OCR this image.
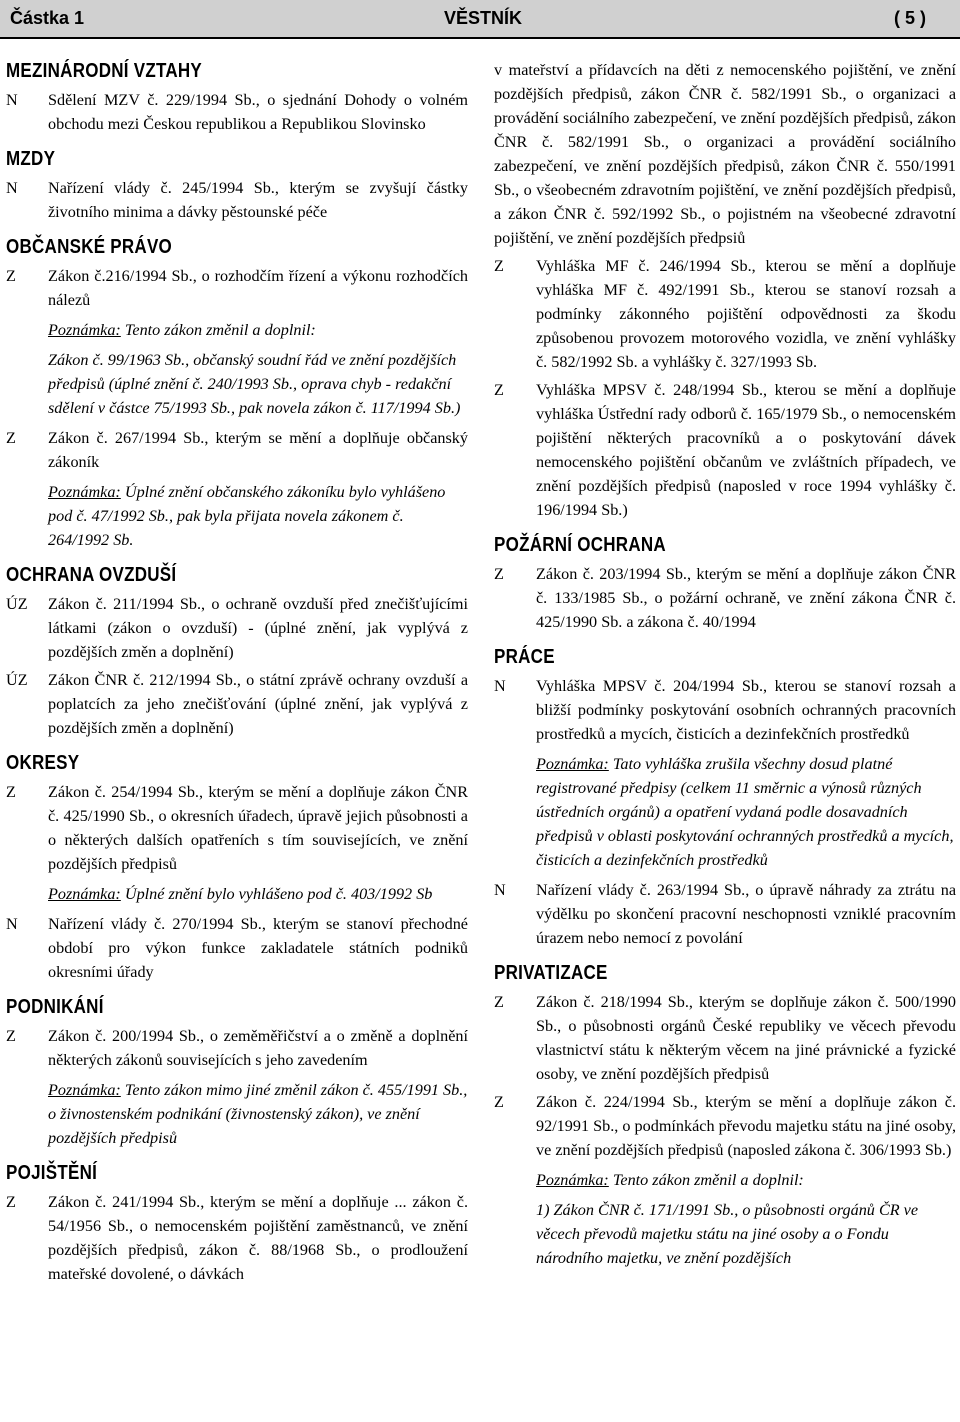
Částka 1	VĚSTNÍK	( 5 )
MEZINÁRODNÍ VZTAHY
N	Sdělení MZV č. 229/1994 Sb., o sjednání Dohody o volném obchodu mezi Českou republikou a Republikou Slovinsko
MZDY
N	Nařízení vlády č. 245/1994 Sb., kterým se zvyšují částky životního minima a dávky pěstounské péče
OBČANSKÉ PRÁVO
Z	Zákon č.216/1994 Sb., o rozhodčím řízení a výkonu rozhodčích nálezů
Poznámka: Tento zákon změnil a doplnil:
Zákon č. 99/1963 Sb., občanský soudní řád ve znění pozdějších předpisů (úplné znění č. 240/1993 Sb., oprava chyb - redakční sdělení v částce 75/1993 Sb., pak novela zákon č. 117/1994 Sb.)
Z	Zákon č. 267/1994 Sb., kterým se mění a doplňuje občanský zákoník
Poznámka: Úplné znění občanského zákoníku bylo vyhlášeno pod č. 47/1992 Sb., pak byla přijata novela zákonem č. 264/1992 Sb.
OCHRANA OVZDUŠÍ
ÚZ	Zákon č. 211/1994 Sb., o ochraně ovzduší před znečišťujícími látkami (zákon o ovzduší) - (úplné znění, jak vyplývá z pozdějších změn a doplnění)
ÚZ	Zákon ČNR č. 212/1994 Sb., o státní zprávě ochrany ovzduší a poplatcích za jeho znečišťování (úplné znění, jak vyplývá z pozdějších změn a doplnění)
OKRESY
Z	Zákon č. 254/1994 Sb., kterým se mění a doplňuje zákon ČNR č. 425/1990 Sb., o okresních úřadech, úpravě jejich působnosti a o některých dalších opatřeních s tím souvisejících, ve znění pozdějších předpisů
Poznámka: Úplné znění bylo vyhlášeno pod č. 403/1992 Sb
N	Nařízení vlády č. 270/1994 Sb., kterým se stanoví přechodné období pro výkon funkce zakladatele státních podniků okresními úřady
PODNIKÁNÍ
Z	Zákon č. 200/1994 Sb., o zeměměřičství a o změně a doplnění některých zákonů souvisejících s jeho zavedením
Poznámka: Tento zákon mimo jiné změnil zákon č. 455/1991 Sb., o živnostenském podnikání (živnostenský zákon), ve znění pozdějších předpisů
POJIŠTĚNÍ
Z	Zákon č. 241/1994 Sb., kterým se mění a doplňuje ... zákon č. 54/1956 Sb., o nemocenském pojištění zaměstnanců, ve znění pozdějších předpisů, zákon č. 88/1968 Sb., o prodloužení mateřské dovolené, o dávkách
v mateřství a přídavcích na děti z nemocenského pojištění, ve znění pozdějších předpisů, zákon ČNR č. 582/1991 Sb., o organizaci a provádění sociálního zabezpečení, ve znění pozdějších předpisů, zákon ČNR č. 582/1991 Sb., o organizaci a provádění sociálního zabezpečení, ve znění pozdějších předpisů, zákon ČNR č. 550/1991 Sb., o všeobecném zdravotním pojištění, ve znění pozdějších předpisů, a zákon ČNR č. 592/1992 Sb., o pojistném na všeobecné zdravotní pojištění, ve znění pozdějších předpsiů
Z	Vyhláška MF č. 246/1994 Sb., kterou se mění a doplňuje vyhláška MF č. 492/1991 Sb., kterou se stanoví rozsah a podmínky zákonného pojištění odpovědnosti za škodu způsobenou provozem motorového vozidla, ve znění vyhlášky č. 582/1992 Sb. a vyhlášky č. 327/1993 Sb.
Z	Vyhláška MPSV č. 248/1994 Sb., kterou se mění a doplňuje vyhláška Ústřední rady odborů č. 165/1979 Sb., o nemocenském pojištění některých pracovníků a o poskytování dávek nemocenského pojištění občanům ve zvláštních případech, ve znění pozdějších předpisů (naposled v roce 1994 vyhlášky č. 196/1994 Sb.)
POŽÁRNÍ OCHRANA
Z	Zákon č. 203/1994 Sb., kterým se mění a doplňuje zákon ČNR č. 133/1985 Sb., o požární ochraně, ve znění zákona ČNR č. 425/1990 Sb. a zákona č. 40/1994
PRÁCE
N	Vyhláška MPSV č. 204/1994 Sb., kterou se stanoví rozsah a bližší podmínky poskytování osobních ochranných pracovních prostředků a mycích, čisticích a dezinfekčních prostředků
Poznámka: Tato vyhláška zrušila všechny dosud platné registrované předpisy (celkem 11 směrnic a výnosů různých ústředních orgánů) a opatření vydaná podle dosavadních předpisů v oblasti poskytování ochranných prostředků a mycích, čisticích a dezinfekčních prostředků
N	Nařízení vlády č. 263/1994 Sb., o úpravě náhrady za ztrátu na výdělku po skončení pracovní neschopnosti vzniklé pracovním úrazem nebo nemocí z povolání
PRIVATIZACE
Z	Zákon č. 218/1994 Sb., kterým se doplňuje zákon č. 500/1990 Sb., o působnosti orgánů České republiky ve věcech převodu vlastnictví státu k některým věcem na jiné právnické a fyzické osoby, ve znění pozdějších předpisů
Z	Zákon č. 224/1994 Sb., kterým se mění a doplňuje zákon č. 92/1991 Sb., o podmínkách převodu majetku státu na jiné osoby, ve znění pozdějších předpisů (naposled zákona č. 306/1993 Sb.)
Poznámka: Tento zákon změnil a doplnil:
1) Zákon ČNR č. 171/1991 Sb., o působnosti orgánů ČR ve věcech převodů majetku státu na jiné osoby a o Fondu národního majetku, ve znění pozdějších
